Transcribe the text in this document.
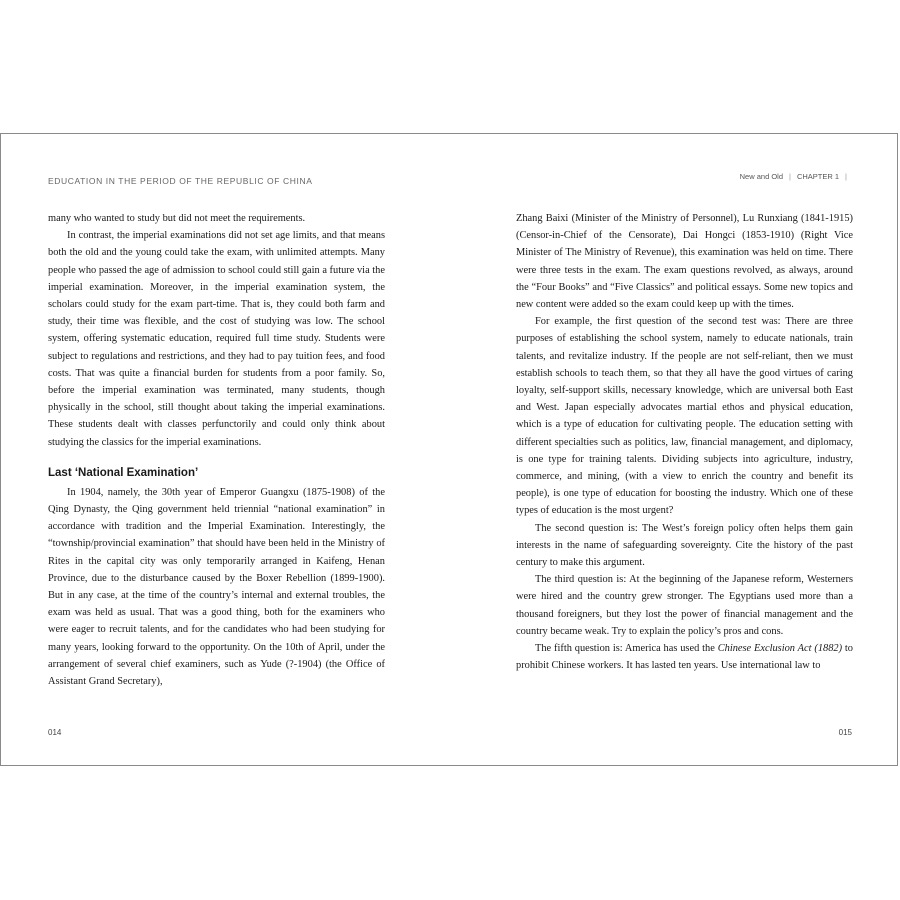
EDUCATION IN THE PERIOD OF THE REPUBLIC OF CHINA

many who wanted to study but did not meet the requirements.

In contrast, the imperial examinations did not set age limits, and that means both the old and the young could take the exam, with unlimited attempts. Many people who passed the age of admission to school could still gain a future via the imperial examination. Moreover, in the imperial examination system, the scholars could study for the exam part-time. That is, they could both farm and study, their time was flexible, and the cost of studying was low. The school system, offering systematic education, required full time study. Students were subject to regulations and restrictions, and they had to pay tuition fees, and food costs. That was quite a financial burden for students from a poor family. So, before the imperial examination was terminated, many students, though physically in the school, still thought about taking the imperial examinations. These students dealt with classes perfunctorily and could only think about studying the classics for the imperial examinations.

Last ‘National Examination’

In 1904, namely, the 30th year of Emperor Guangxu (1875-1908) of the Qing Dynasty, the Qing government held triennial “national examination” in accordance with tradition and the Imperial Examination. Interestingly, the “township/provincial examination” that should have been held in the Ministry of Rites in the capital city was only temporarily arranged in Kaifeng, Henan Province, due to the disturbance caused by the Boxer Rebellion (1899-1900). But in any case, at the time of the country’s internal and external troubles, the exam was held as usual. That was a good thing, both for the examiners who were eager to recruit talents, and for the candidates who had been studying for many years, looking forward to the opportunity. On the 10th of April, under the arrangement of several chief examiners, such as Yude (?-1904) (the Office of Assistant Grand Secretary),

014
New and Old | CHAPTER 1 |

Zhang Baixi (Minister of the Ministry of Personnel), Lu Runxiang (1841-1915) (Censor-in-Chief of the Censorate), Dai Hongci (1853-1910) (Right Vice Minister of The Ministry of Revenue), this examination was held on time. There were three tests in the exam. The exam questions revolved, as always, around the “Four Books” and “Five Classics” and political essays. Some new topics and new content were added so the exam could keep up with the times.

For example, the first question of the second test was: There are three purposes of establishing the school system, namely to educate nationals, train talents, and revitalize industry. If the people are not self-reliant, then we must establish schools to teach them, so that they all have the good virtues of caring loyalty, self-support skills, necessary knowledge, which are universal both East and West. Japan especially advocates martial ethos and physical education, which is a type of education for cultivating people. The education setting with different specialties such as politics, law, financial management, and diplomacy, is one type for training talents. Dividing subjects into agriculture, industry, commerce, and mining, (with a view to enrich the country and benefit its people), is one type of education for boosting the industry. Which one of these types of education is the most urgent?

The second question is: The West’s foreign policy often helps them gain interests in the name of safeguarding sovereignty. Cite the history of the past century to make this argument.

The third question is: At the beginning of the Japanese reform, Westerners were hired and the country grew stronger. The Egyptians used more than a thousand foreigners, but they lost the power of financial management and the country became weak. Try to explain the policy’s pros and cons.

The fifth question is: America has used the Chinese Exclusion Act (1882) to prohibit Chinese workers. It has lasted ten years. Use international law to

015
